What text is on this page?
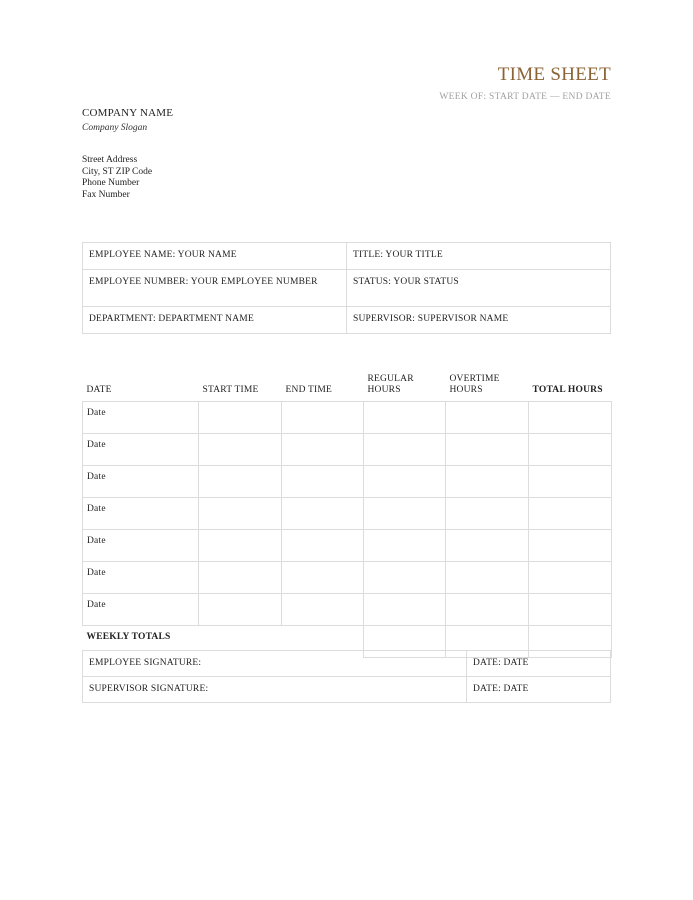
TIME SHEET
WEEK OF: START DATE — END DATE
COMPANY NAME
Company Slogan
Street Address
City, ST ZIP Code
Phone Number
Fax Number
EMPLOYEE NAME: YOUR NAME	TITLE: YOUR TITLE
EMPLOYEE NUMBER: YOUR EMPLOYEE NUMBER	STATUS: YOUR STATUS
DEPARTMENT: DEPARTMENT NAME	SUPERVISOR: SUPERVISOR NAME
DATE	START TIME	END TIME	REGULAR HOURS	OVERTIME HOURS	TOTAL HOURS
Date					
Date					
Date					
Date					
Date					
Date					
Date					
WEEKLY TOTALS					
EMPLOYEE SIGNATURE:	DATE: DATE
SUPERVISOR SIGNATURE:	DATE: DATE
